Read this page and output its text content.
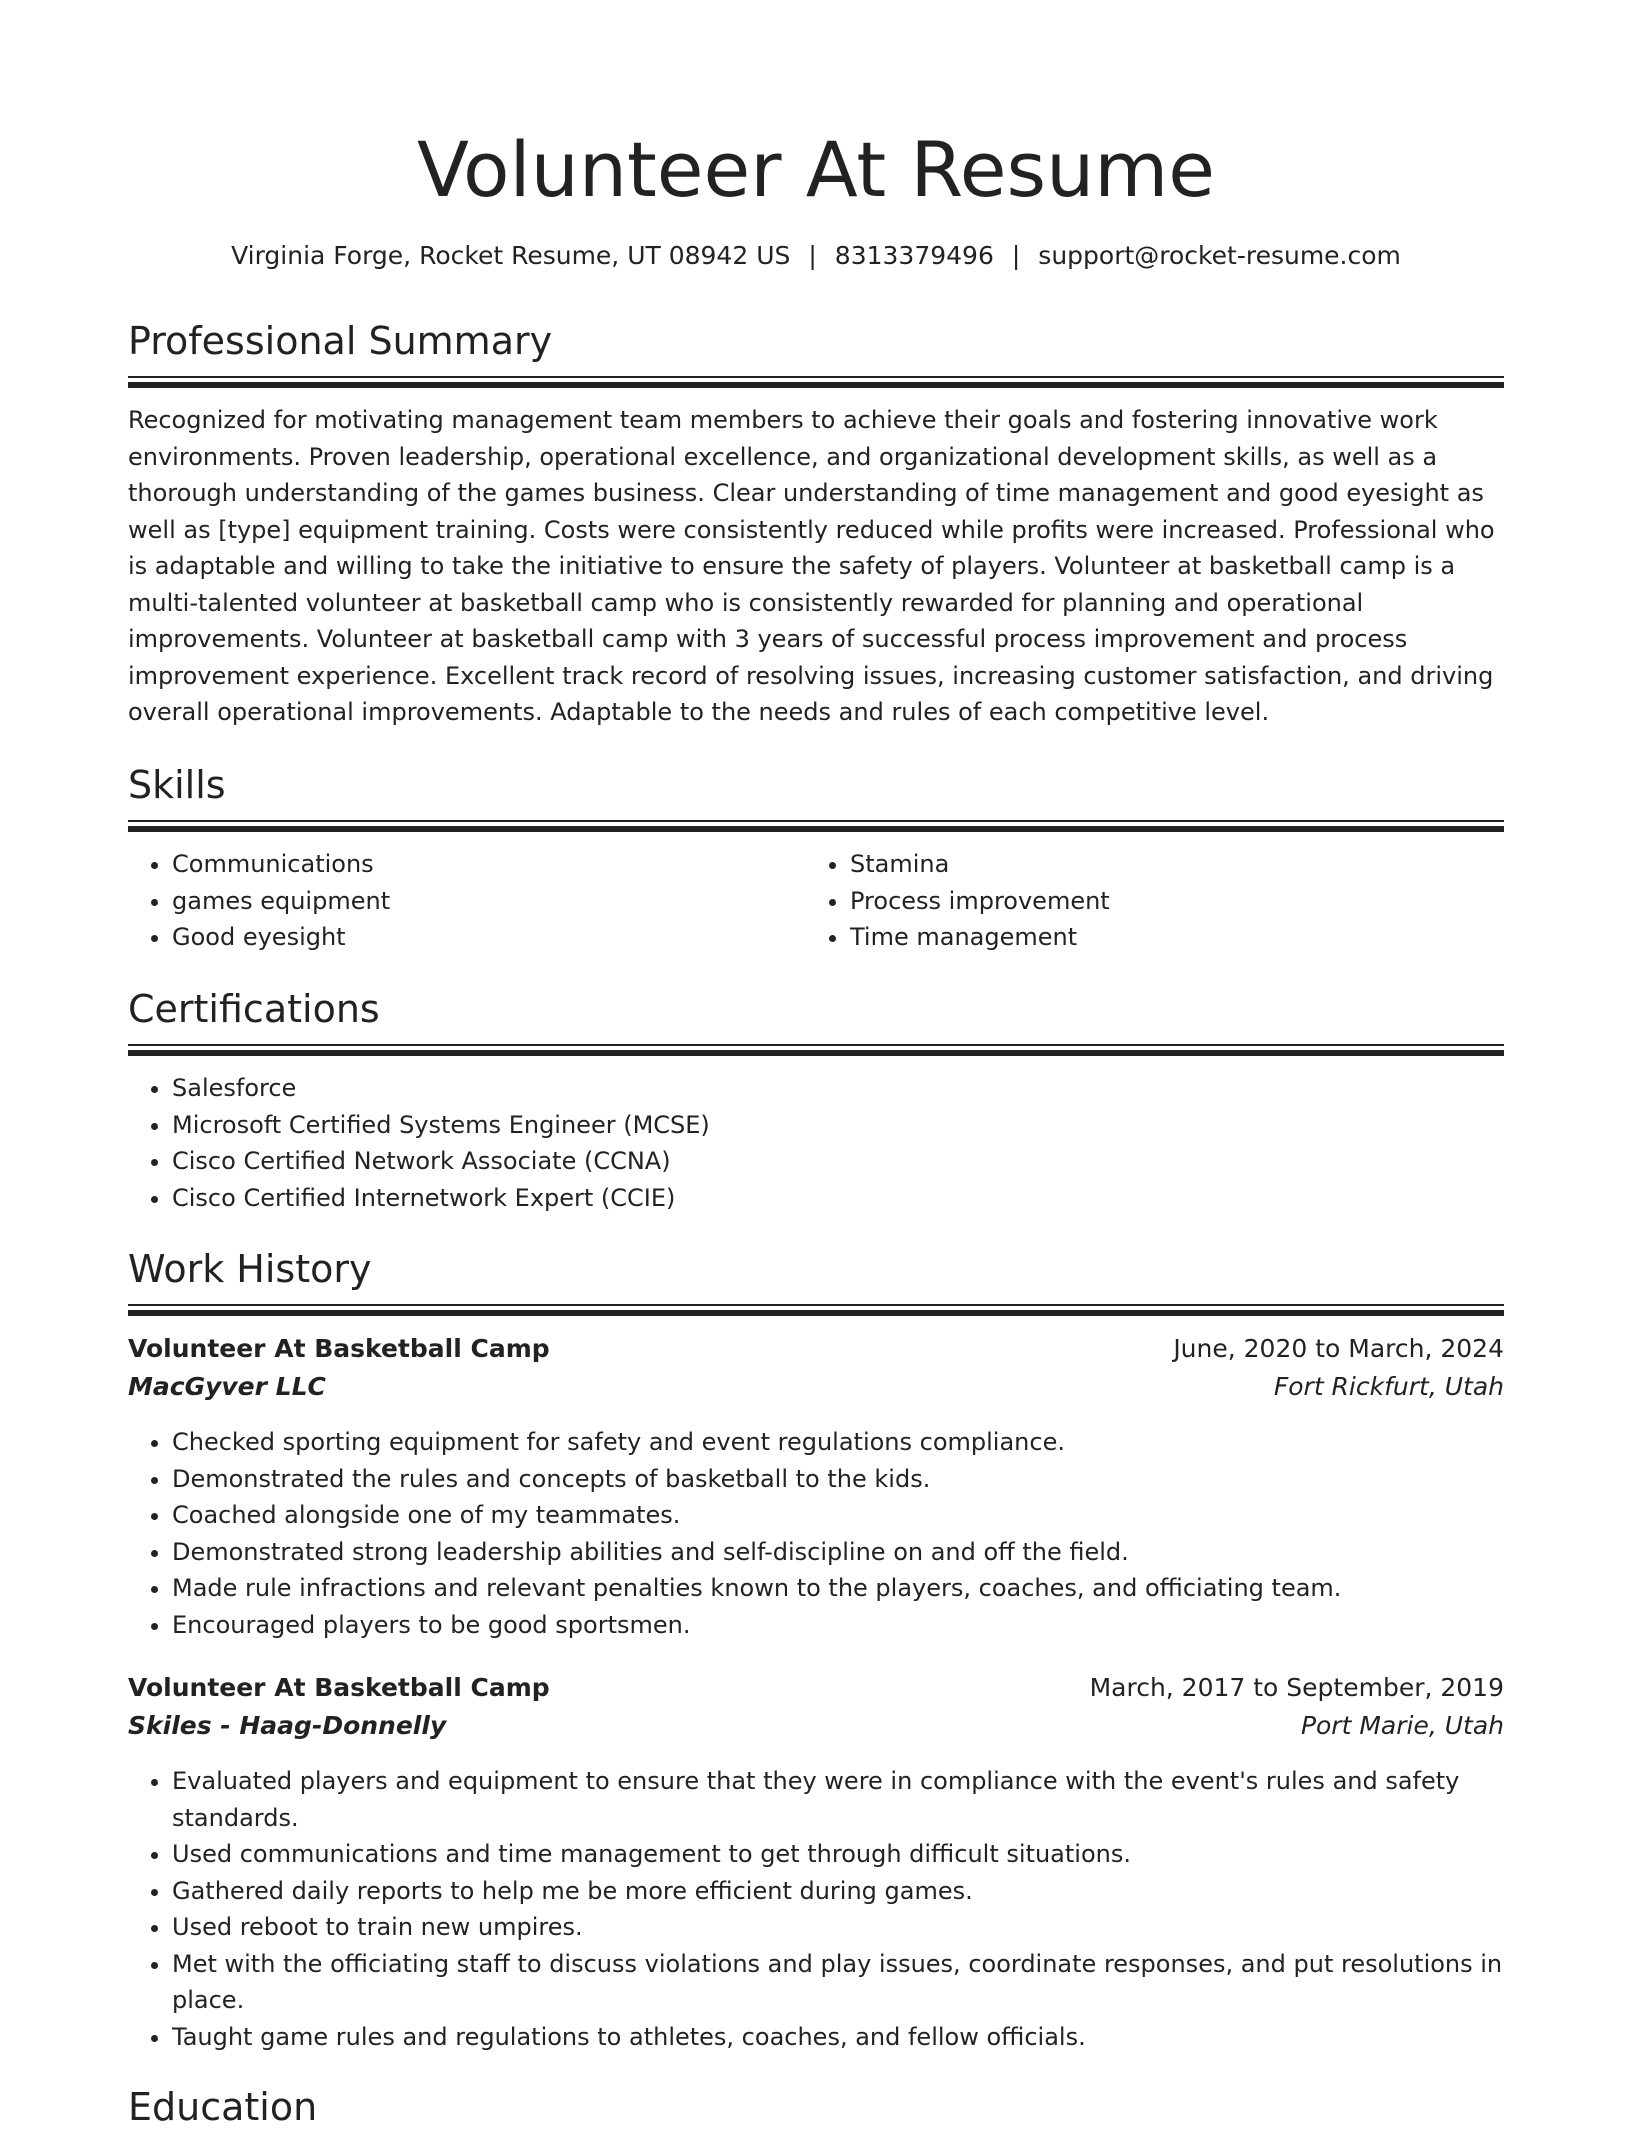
Volunteer At Resume
Virginia Forge, Rocket Resume, UT 08942 US | 8313379496 | support@rocket-resume.com
Professional Summary
Recognized for motivating management team members to achieve their goals and fostering innovative work environments. Proven leadership, operational excellence, and organizational development skills, as well as a thorough understanding of the games business. Clear understanding of time management and good eyesight as well as [type] equipment training. Costs were consistently reduced while profits were increased. Professional who is adaptable and willing to take the initiative to ensure the safety of players. Volunteer at basketball camp is a multi-talented volunteer at basketball camp who is consistently rewarded for planning and operational improvements. Volunteer at basketball camp with 3 years of successful process improvement and process improvement experience. Excellent track record of resolving issues, increasing customer satisfaction, and driving overall operational improvements. Adaptable to the needs and rules of each competitive level.
Skills
• Communications
• games equipment
• Good eyesight
• Stamina
• Process improvement
• Time management
Certifications
• Salesforce
• Microsoft Certified Systems Engineer (MCSE)
• Cisco Certified Network Associate (CCNA)
• Cisco Certified Internetwork Expert (CCIE)
Work History
Volunteer At Basketball Camp	June, 2020 to March, 2024
MacGyver LLC	Fort Rickfurt, Utah
• Checked sporting equipment for safety and event regulations compliance.
• Demonstrated the rules and concepts of basketball to the kids.
• Coached alongside one of my teammates.
• Demonstrated strong leadership abilities and self-discipline on and off the field.
• Made rule infractions and relevant penalties known to the players, coaches, and officiating team.
• Encouraged players to be good sportsmen.
Volunteer At Basketball Camp	March, 2017 to September, 2019
Skiles - Haag-Donnelly	Port Marie, Utah
• Evaluated players and equipment to ensure that they were in compliance with the event's rules and safety standards.
• Used communications and time management to get through difficult situations.
• Gathered daily reports to help me be more efficient during games.
• Used reboot to train new umpires.
• Met with the officiating staff to discuss violations and play issues, coordinate responses, and put resolutions in place.
• Taught game rules and regulations to athletes, coaches, and fellow officials.
Education
